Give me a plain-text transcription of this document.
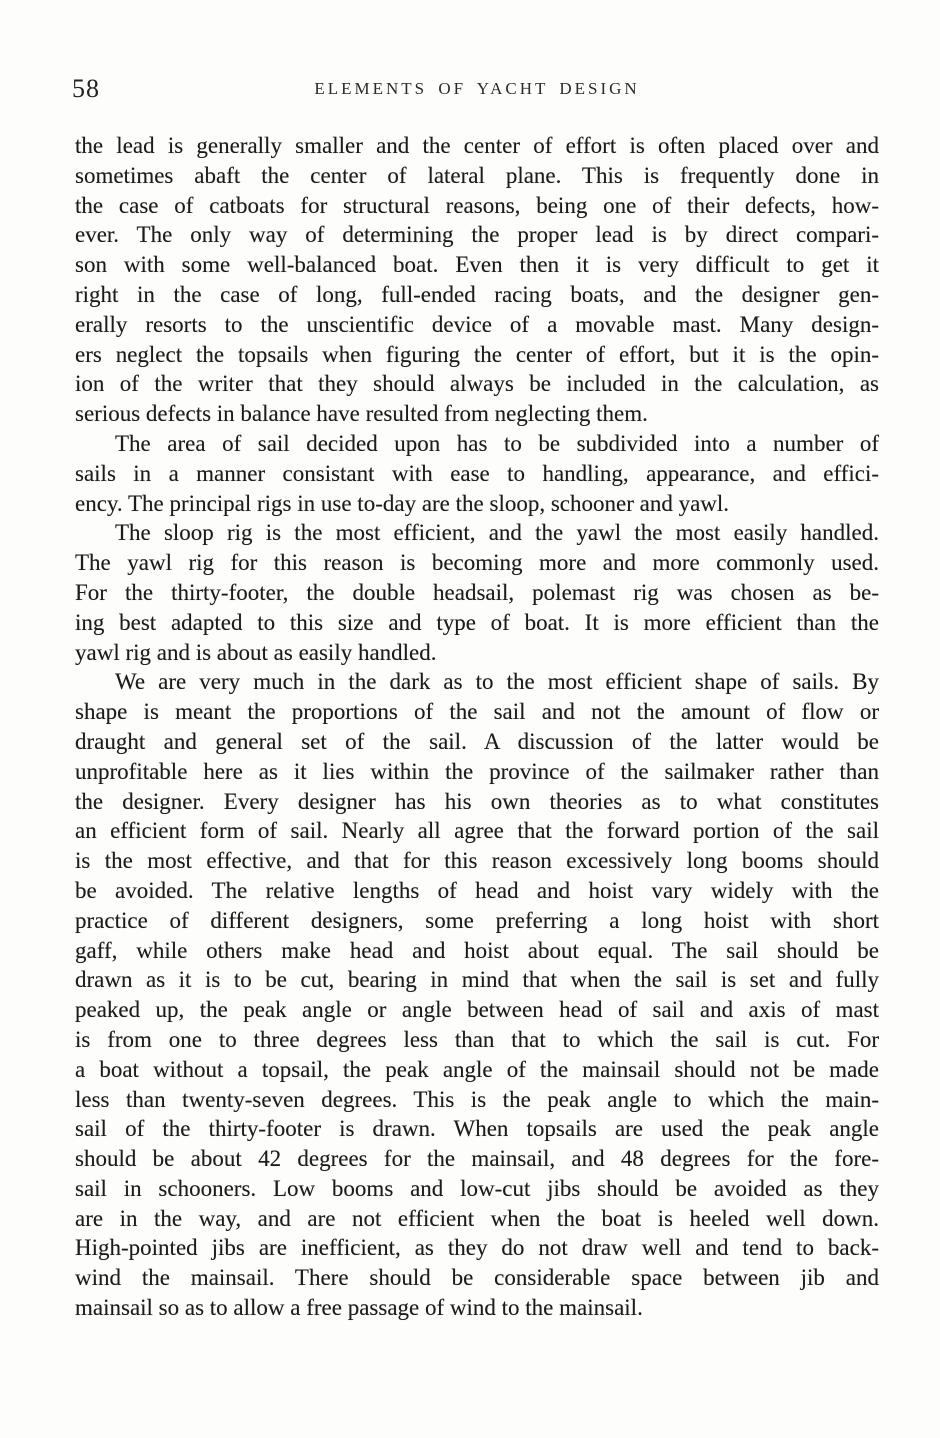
58	ELEMENTS OF YACHT DESIGN
the lead is generally smaller and the center of effort is often placed over and
sometimes abaft the center of lateral plane. This is frequently done in
the case of catboats for structural reasons, being one of their defects, how-
ever. The only way of determining the proper lead is by direct compari-
son with some well-balanced boat. Even then it is very difficult to get it
right in the case of long, full-ended racing boats, and the designer gen-
erally resorts to the unscientific device of a movable mast. Many design-
ers neglect the topsails when figuring the center of effort, but it is the opin-
ion of the writer that they should always be included in the calculation, as
serious defects in balance have resulted from neglecting them.
The area of sail decided upon has to be subdivided into a number of
sails in a manner consistant with ease to handling, appearance, and effici-
ency. The principal rigs in use to-day are the sloop, schooner and yawl.
The sloop rig is the most efficient, and the yawl the most easily handled.
The yawl rig for this reason is becoming more and more commonly used.
For the thirty-footer, the double headsail, polemast rig was chosen as be-
ing best adapted to this size and type of boat. It is more efficient than the
yawl rig and is about as easily handled.
We are very much in the dark as to the most efficient shape of sails. By
shape is meant the proportions of the sail and not the amount of flow or
draught and general set of the sail. A discussion of the latter would be
unprofitable here as it lies within the province of the sailmaker rather than
the designer. Every designer has his own theories as to what constitutes
an efficient form of sail. Nearly all agree that the forward portion of the sail
is the most effective, and that for this reason excessively long booms should
be avoided. The relative lengths of head and hoist vary widely with the
practice of different designers, some preferring a long hoist with short
gaff, while others make head and hoist about equal. The sail should be
drawn as it is to be cut, bearing in mind that when the sail is set and fully
peaked up, the peak angle or angle between head of sail and axis of mast
is from one to three degrees less than that to which the sail is cut. For
a boat without a topsail, the peak angle of the mainsail should not be made
less than twenty-seven degrees. This is the peak angle to which the main-
sail of the thirty-footer is drawn. When topsails are used the peak angle
should be about 42 degrees for the mainsail, and 48 degrees for the fore-
sail in schooners. Low booms and low-cut jibs should be avoided as they
are in the way, and are not efficient when the boat is heeled well down.
High-pointed jibs are inefficient, as they do not draw well and tend to back-
wind the mainsail. There should be considerable space between jib and
mainsail so as to allow a free passage of wind to the mainsail.
